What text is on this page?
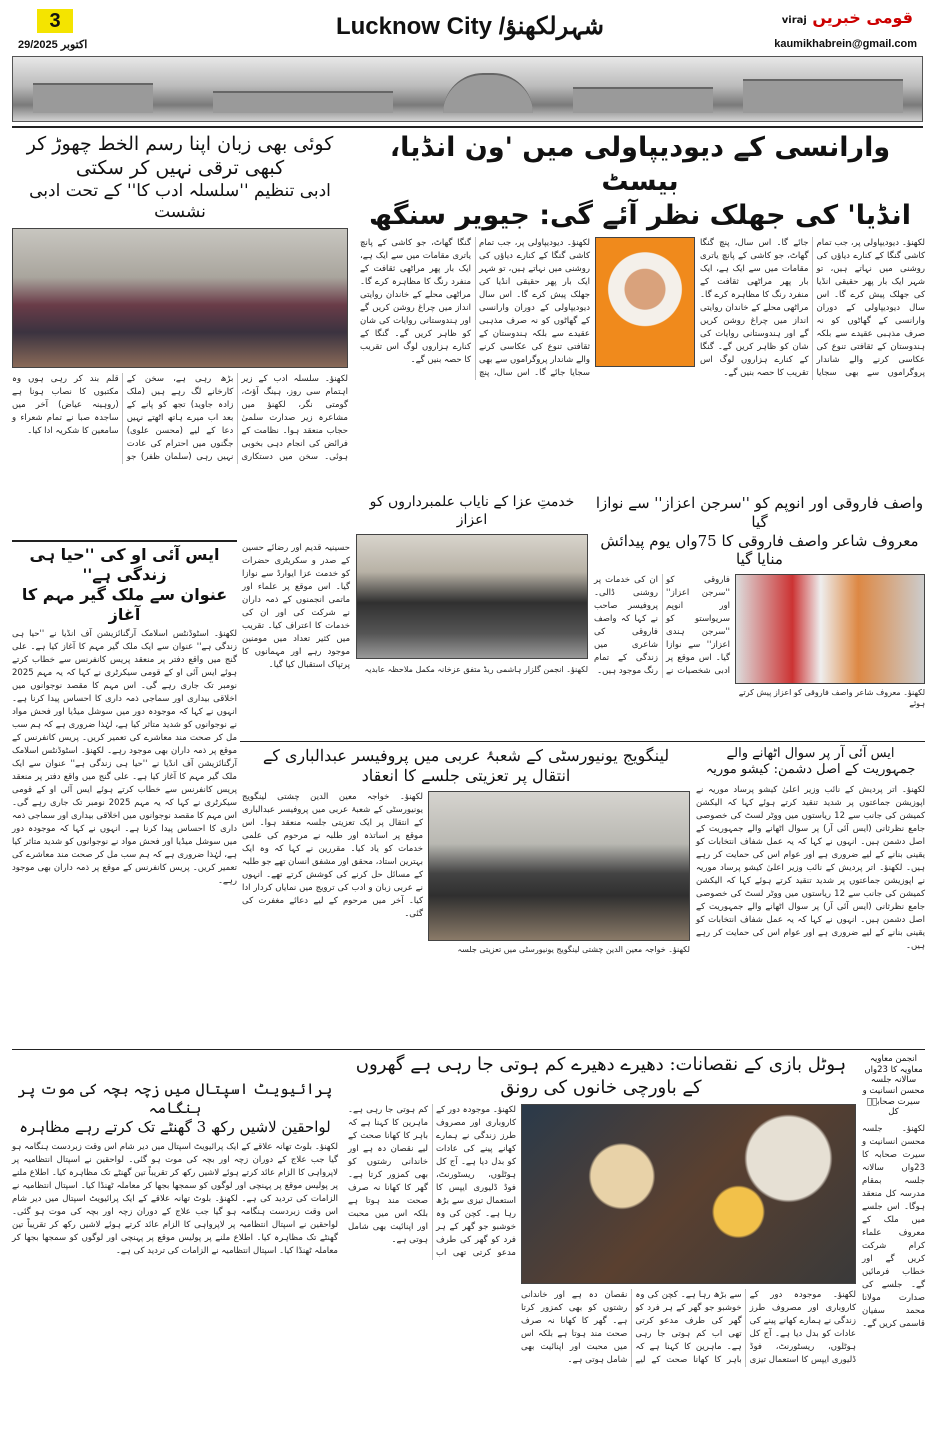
3
29/اکتوبر 2025
Lucknow City /شہرلکھنؤ	قومی خبریں viraj
kaumikhabrein@gmail.com
وارانسی کے دیودیپاولی میں 'ون انڈیا، بیسٹ
انڈیا' کی جھلک نظر آئے گی: جیویر سنگھ
لکھنؤ۔ دیودیپاولی پر، جب تمام کاشی گنگا کے کنارے دیاؤں کی روشنی میں نہاتے ہیں، تو شہر ایک بار پھر حقیقی انڈیا کی جھلک پیش کرے گا۔ اس سال دیودیپاولی کے دوران وارانسی کے گھاٹوں کو نہ صرف مذہبی عقیدے سے بلکہ ہندوستان کے ثقافتی تنوع کی عکاسی کرنے والے شاندار پروگراموں سے بھی سجایا جائے گا۔ اس سال، پنچ گنگا گھاٹ، جو کاشی کے پانچ یاتری مقامات میں سے ایک ہے، ایک بار پھر مراٹھی ثقافت کے منفرد رنگ کا مظاہرہ کرے گا۔ مراٹھی محلے کے خاندان روایتی انداز میں چراغ روشن کریں گے اور ہندوستانی روایات کی شان کو ظاہر کریں گے۔ گنگا کے کنارے ہزاروں لوگ اس تقریب کا حصہ بنیں گے۔
لکھنؤ۔ دیودیپاولی پر، جب تمام کاشی گنگا کے کنارے دیاؤں کی روشنی میں نہاتے ہیں، تو شہر ایک بار پھر حقیقی انڈیا کی جھلک پیش کرے گا۔ اس سال دیودیپاولی کے دوران وارانسی کے گھاٹوں کو نہ صرف مذہبی عقیدے سے بلکہ ہندوستان کے ثقافتی تنوع کی عکاسی کرنے والے شاندار پروگراموں سے بھی سجایا جائے گا۔ اس سال، پنچ گنگا گھاٹ، جو کاشی کے پانچ یاتری مقامات میں سے ایک ہے، ایک بار پھر مراٹھی ثقافت کے منفرد رنگ کا مظاہرہ کرے گا۔ مراٹھی محلے کے خاندان روایتی انداز میں چراغ روشن کریں گے اور ہندوستانی روایات کی شان کو ظاہر کریں گے۔ گنگا کے کنارے ہزاروں لوگ اس تقریب کا حصہ بنیں گے۔
کوئی بھی زبان اپنا رسم الخط چھوڑ کر کبھی ترقی نہیں کر سکتی
ادبی تنظیم ''سلسلہ ادب کا'' کے تحت ادبی نشست
لکھنؤ۔ سلسلہ ادب کے زیر اہتمام سی روز، ہینگ آؤٹ، گومتی نگر، لکھنؤ میں مشاعرہ زیر صدارت سلمیٰ حجاب منعقد ہوا۔ نظامت کے فرائض کی انجام دہی بخوبی ہوئی۔ سخن میں دستکاری بڑھ رہی ہے، سخن کے کارخانے لگ رہے ہیں (ملک زادہ جاوید) تجھ کو پانے کے بعد اب میرے ہاتھ اٹھتے نہیں دعا کے لیے (محسن علوی) جگنوں میں احترام کی عادت نہیں رہی (سلمان ظفر) جو قلم بند کر رہی ہوں وہ مکتبوں کا نصاب ہونا ہے (روہینہ عیاض) آخر میں ساجدہ صبا نے تمام شعراء و سامعین کا شکریہ ادا کیا۔
ایس آئی او کی ''حیا ہی زندگی ہے''
عنوان سے ملک گیر مہم کا آغاز
لکھنؤ۔ اسٹوڈنٹس اسلامک آرگنائزیشن آف انڈیا نے ''حیا ہی زندگی ہے'' عنوان سے ایک ملک گیر مہم کا آغاز کیا ہے۔ علی گنج میں واقع دفتر پر منعقد پریس کانفرنس سے خطاب کرتے ہوئے ایس آئی او کے قومی سیکرٹری نے کہا کہ یہ مہم 2025 نومبر تک جاری رہے گی۔ اس مہم کا مقصد نوجوانوں میں اخلاقی بیداری اور سماجی ذمہ داری کا احساس پیدا کرنا ہے۔ انہوں نے کہا کہ موجودہ دور میں سوشل میڈیا اور فحش مواد نے نوجوانوں کو شدید متاثر کیا ہے، لہٰذا ضروری ہے کہ ہم سب مل کر صحت مند معاشرے کی تعمیر کریں۔ پریس کانفرنس کے موقع پر ذمہ داران بھی موجود رہے۔ لکھنؤ۔ اسٹوڈنٹس اسلامک آرگنائزیشن آف انڈیا نے ''حیا ہی زندگی ہے'' عنوان سے ایک ملک گیر مہم کا آغاز کیا ہے۔ علی گنج میں واقع دفتر پر منعقد پریس کانفرنس سے خطاب کرتے ہوئے ایس آئی او کے قومی سیکرٹری نے کہا کہ یہ مہم 2025 نومبر تک جاری رہے گی۔ اس مہم کا مقصد نوجوانوں میں اخلاقی بیداری اور سماجی ذمہ داری کا احساس پیدا کرنا ہے۔ انہوں نے کہا کہ موجودہ دور میں سوشل میڈیا اور فحش مواد نے نوجوانوں کو شدید متاثر کیا ہے، لہٰذا ضروری ہے کہ ہم سب مل کر صحت مند معاشرے کی تعمیر کریں۔ پریس کانفرنس کے موقع پر ذمہ داران بھی موجود رہے۔
حسینیہ قدیم اور رضائے حسین کے صدر و سکریٹری حضرات کو خدمت عزا ایوارڈ سے نوازا گیا۔ اس موقع پر علماء اور ماتمی انجمنوں کے ذمہ داران نے شرکت کی اور ان کی خدمات کا اعتراف کیا۔ تقریب میں کثیر تعداد میں مومنین موجود رہے اور مہمانوں کا پرتپاک استقبال کیا گیا۔
خدمتِ عزا کے نایاب علمبرداروں کو اعزاز
لکھنؤ۔ انجمن گلزار ہاشمی ریڈ متفق عزخانہ مکمل ملاحظہ عابدیہ
واصف فاروقی اور انوپم کو ''سرجن اعزاز'' سے نوازا گیا
معروف شاعر واصف فاروقی کا 75واں یوم پیدائش منایا گیا
لکھنؤ۔ معروف شاعر واصف فاروقی کو اعزاز پیش کرتے ہوئے
فاروقی کو ''سرجن اعزاز'' اور انوپم سریواستو کو ''سرجن ہندی اعزاز'' سے نوازا گیا۔ اس موقع پر ادبی شخصیات نے ان کی خدمات پر روشنی ڈالی۔ پروفیسر صاحب نے کہا کہ واصف فاروقی کی شاعری میں زندگی کے تمام رنگ موجود ہیں۔
لینگویج یونیورسٹی کے شعبۂ عربی میں پروفیسر عبدالباری کے انتقال پر تعزیتی جلسے کا انعقاد
لکھنؤ۔ خواجہ معین الدین چشتی لینگویج یونیورسٹی میں تعزیتی جلسہ
لکھنؤ۔ خواجہ معین الدین چشتی لینگویج یونیورسٹی کے شعبۂ عربی میں پروفیسر عبدالباری کے انتقال پر ایک تعزیتی جلسہ منعقد ہوا۔ اس موقع پر اساتذہ اور طلبہ نے مرحوم کی علمی خدمات کو یاد کیا۔ مقررین نے کہا کہ وہ ایک بہترین استاد، محقق اور مشفق انسان تھے جو طلبہ کے مسائل حل کرنے کی کوشش کرتے تھے۔ انہوں نے عربی زبان و ادب کی ترویج میں نمایاں کردار ادا کیا۔ آخر میں مرحوم کے لیے دعائے مغفرت کی گئی۔
ایس آئی آر پر سوال اٹھانے والے
جمہوریت کے اصل دشمن: کیشو موریہ
لکھنؤ۔ اتر پردیش کے نائب وزیر اعلیٰ کیشو پرساد موریہ نے اپوزیشن جماعتوں پر شدید تنقید کرتے ہوئے کہا کہ الیکشن کمیشن کی جانب سے 12 ریاستوں میں ووٹر لسٹ کی خصوصی جامع نظرثانی (ایس آئی آر) پر سوال اٹھانے والے جمہوریت کے اصل دشمن ہیں۔ انہوں نے کہا کہ یہ عمل شفاف انتخابات کو یقینی بنانے کے لیے ضروری ہے اور عوام اس کی حمایت کر رہے ہیں۔ لکھنؤ۔ اتر پردیش کے نائب وزیر اعلیٰ کیشو پرساد موریہ نے اپوزیشن جماعتوں پر شدید تنقید کرتے ہوئے کہا کہ الیکشن کمیشن کی جانب سے 12 ریاستوں میں ووٹر لسٹ کی خصوصی جامع نظرثانی (ایس آئی آر) پر سوال اٹھانے والے جمہوریت کے اصل دشمن ہیں۔ انہوں نے کہا کہ یہ عمل شفاف انتخابات کو یقینی بنانے کے لیے ضروری ہے اور عوام اس کی حمایت کر رہے ہیں۔
پرائیویٹ اسپتال میں زچہ بچہ کی موت پر ہنگامہ
لواحقین لاشیں رکھ 3 گھنٹے تک کرتے رہے مظاہرہ
لکھنؤ۔ بلوٹ تھانہ علاقے کے ایک پرائیویٹ اسپتال میں دیر شام اس وقت زبردست ہنگامہ ہو گیا جب علاج کے دوران زچہ اور بچہ کی موت ہو گئی۔ لواحقین نے اسپتال انتظامیہ پر لاپرواہی کا الزام عائد کرتے ہوئے لاشیں رکھ کر تقریباً تین گھنٹے تک مظاہرہ کیا۔ اطلاع ملنے پر پولیس موقع پر پہنچی اور لوگوں کو سمجھا بجھا کر معاملہ ٹھنڈا کیا۔ اسپتال انتظامیہ نے الزامات کی تردید کی ہے۔ لکھنؤ۔ بلوٹ تھانہ علاقے کے ایک پرائیویٹ اسپتال میں دیر شام اس وقت زبردست ہنگامہ ہو گیا جب علاج کے دوران زچہ اور بچہ کی موت ہو گئی۔ لواحقین نے اسپتال انتظامیہ پر لاپرواہی کا الزام عائد کرتے ہوئے لاشیں رکھ کر تقریباً تین گھنٹے تک مظاہرہ کیا۔ اطلاع ملنے پر پولیس موقع پر پہنچی اور لوگوں کو سمجھا بجھا کر معاملہ ٹھنڈا کیا۔ اسپتال انتظامیہ نے الزامات کی تردید کی ہے۔
ہوٹل بازی کے نقصانات: دھیرے دھیرے کم ہوتی جا رہی ہے گھروں کے باورچی خانوں کی رونق
لکھنؤ۔ موجودہ دور کے کاروباری اور مصروف طرز زندگی نے ہمارے کھانے پینے کی عادات کو بدل دیا ہے۔ آج کل ہوٹلوں، ریسٹورنٹ، فوڈ ڈلیوری ایپس کا استعمال تیزی سے بڑھ رہا ہے۔ کچن کی وہ خوشبو جو گھر کے ہر فرد کو گھر کی طرف مدعو کرتی تھی اب کم ہوتی جا رہی ہے۔ ماہرین کا کہنا ہے کہ باہر کا کھانا صحت کے لیے نقصان دہ ہے اور خاندانی رشتوں کو بھی کمزور کرتا ہے۔ گھر کا کھانا نہ صرف صحت مند ہوتا ہے بلکہ اس میں محبت اور اپنائیت بھی شامل ہوتی ہے۔
لکھنؤ۔ موجودہ دور کے کاروباری اور مصروف طرز زندگی نے ہمارے کھانے پینے کی عادات کو بدل دیا ہے۔ آج کل ہوٹلوں، ریسٹورنٹ، فوڈ ڈلیوری ایپس کا استعمال تیزی سے بڑھ رہا ہے۔ کچن کی وہ خوشبو جو گھر کے ہر فرد کو گھر کی طرف مدعو کرتی تھی اب کم ہوتی جا رہی ہے۔ ماہرین کا کہنا ہے کہ باہر کا کھانا صحت کے لیے نقصان دہ ہے اور خاندانی رشتوں کو بھی کمزور کرتا ہے۔ گھر کا کھانا نہ صرف صحت مند ہوتا ہے بلکہ اس میں محبت اور اپنائیت بھی شامل ہوتی ہے۔
انجمن معاویہ معاویہ کا 23واں سالانہ جلسہ محسن انسانیت و سیرت صحابہؓ کل
لکھنؤ۔ جلسہ محسن انسانیت و سیرت صحابہ کا 23واں سالانہ جلسہ بمقام مدرسہ کل منعقد ہوگا۔ اس جلسے میں ملک کے معروف علماء کرام شرکت کریں گے اور خطاب فرمائیں گے۔ جلسے کی صدارت مولانا محمد سفیان قاسمی کریں گے۔
